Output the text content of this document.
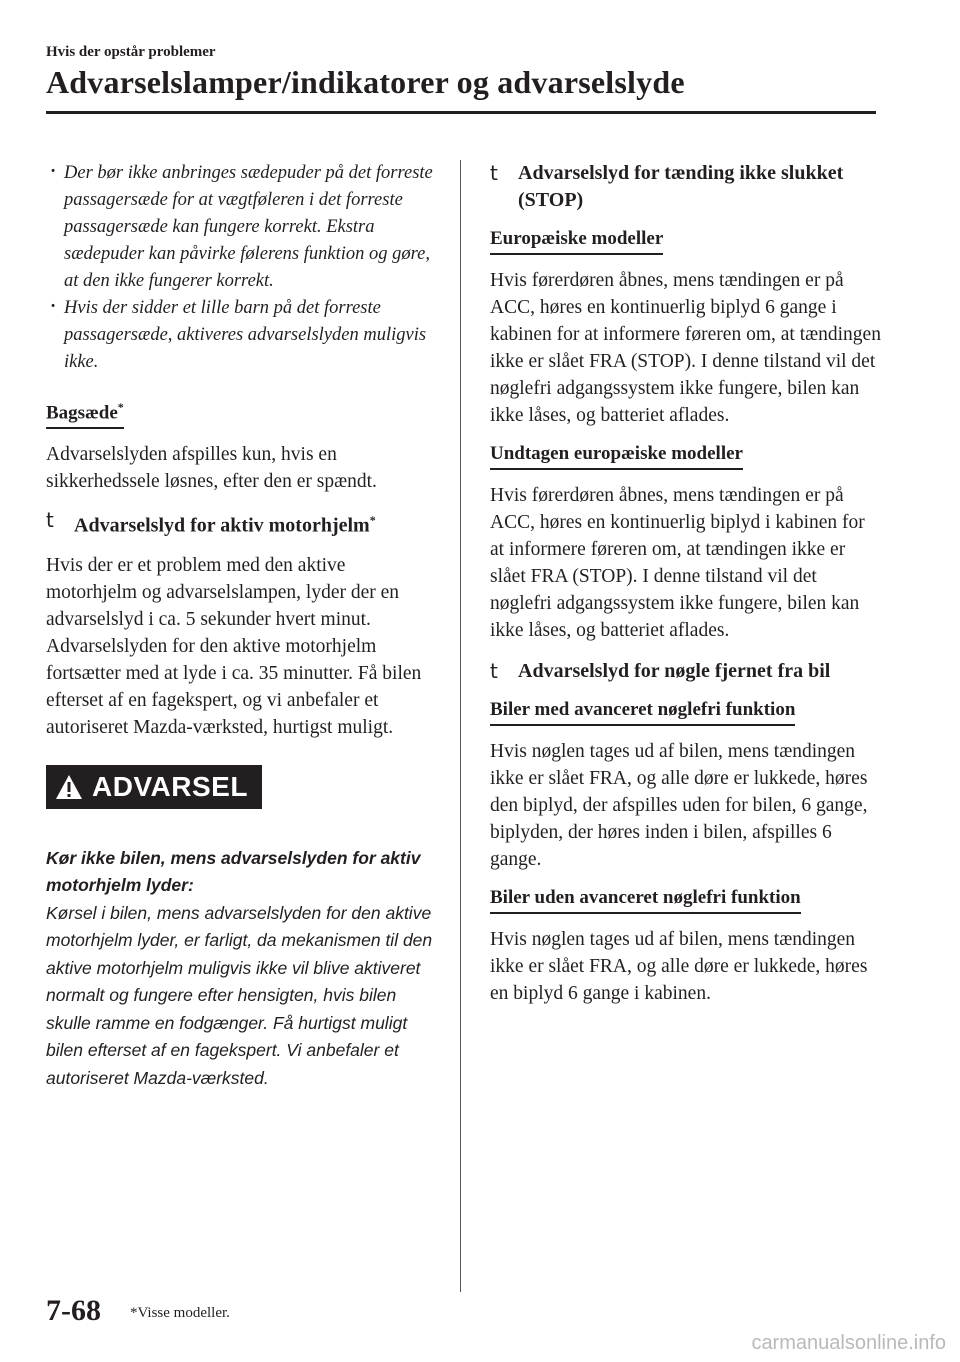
Hvis der opstår problemer
Advarselslamper/indikatorer og advarselslyde
· Der bør ikke anbringes sædepuder på det forreste passagersæde for at vægtføleren i det forreste passagersæde kan fungere korrekt. Ekstra sædepuder kan påvirke følerens funktion og gøre, at den ikke fungerer korrekt.
· Hvis der sidder et lille barn på det forreste passagersæde, aktiveres advarselslyden muligvis ikke.
Bagsæde*

Advarselslyden afspilles kun, hvis en sikkerhedssele løsnes, efter den er spændt.

t Advarselslyd for aktiv motorhjelm*

Hvis der er et problem med den aktive motorhjelm og advarselslampen, lyder der en advarselslyd i ca. 5 sekunder hvert minut.

Advarselslyden for den aktive motorhjelm fortsætter med at lyde i ca. 35 minutter. Få bilen efterset af en fagekspert, og vi anbefaler et autoriseret Mazda-værksted, hurtigst muligt.

ADVARSEL
Kør ikke bilen, mens advarselslyden for aktiv motorhjelm lyder:
Kørsel i bilen, mens advarselslyden for den aktive motorhjelm lyder, er farligt, da mekanismen til den aktive motorhjelm muligvis ikke vil blive aktiveret normalt og fungere efter hensigten, hvis bilen skulle ramme en fodgænger. Få hurtigst muligt bilen efterset af en fagekspert. Vi anbefaler et autoriseret Mazda-værksted.
t Advarselslyd for tænding ikke slukket (STOP)
Europæiske modeller

Hvis førerdøren åbnes, mens tændingen er på ACC, høres en kontinuerlig biplyd 6 gange i kabinen for at informere føreren om, at tændingen ikke er slået FRA (STOP). I denne tilstand vil det nøglefri adgangssystem ikke fungere, bilen kan ikke låses, og batteriet aflades.

Undtagen europæiske modeller

Hvis førerdøren åbnes, mens tændingen er på ACC, høres en kontinuerlig biplyd i kabinen for at informere føreren om, at tændingen ikke er slået FRA (STOP). I denne tilstand vil det nøglefri adgangssystem ikke fungere, bilen kan ikke låses, og batteriet aflades.

t Advarselslyd for nøgle fjernet fra bil
Biler med avanceret nøglefri funktion

Hvis nøglen tages ud af bilen, mens tændingen ikke er slået FRA, og alle døre er lukkede, høres den biplyd, der afspilles uden for bilen, 6 gange, biplyden, der høres inden i bilen, afspilles 6 gange.

Biler uden avanceret nøglefri funktion

Hvis nøglen tages ud af bilen, mens tændingen ikke er slået FRA, og alle døre er lukkede, høres en biplyd 6 gange i kabinen.

7-68 *Visse modeller.
carmanualsonline.info
